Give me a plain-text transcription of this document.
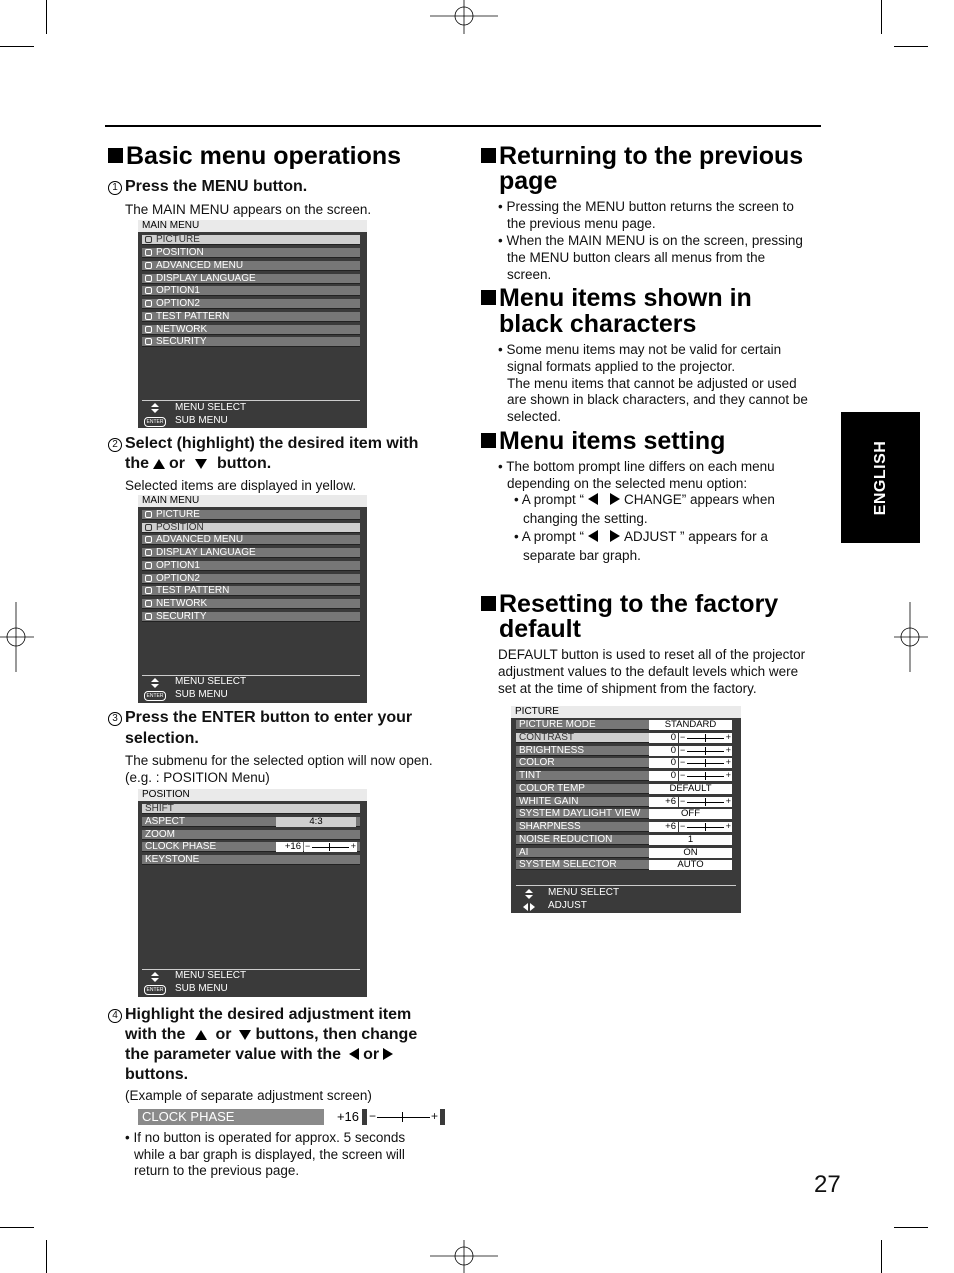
Basic menu operations
1 Press the MENU button.
The MAIN MENU appears on the screen.
MAIN MENU
PICTURE
POSITION
ADVANCED MENU
DISPLAY LANGUAGE
OPTION1
OPTION2
TEST PATTERN
NETWORK
SECURITY
MENU SELECT
ENTER SUB MENU
2 Select (highlight) the desired item with
the or button.
Selected items are displayed in yellow.
MAIN MENU
PICTURE
POSITION
ADVANCED MENU
DISPLAY LANGUAGE
OPTION1
OPTION2
TEST PATTERN
NETWORK
SECURITY
MENU SELECT
ENTER SUB MENU
3 Press the ENTER button to enter your
selection.
The submenu for the selected option will now open.
(e.g. : POSITION Menu)
POSITION
SHIFT
ASPECT	4:3
ZOOM
CLOCK PHASE	+16 −	+
KEYSTONE
MENU SELECT
ENTER SUB MENU
4 Highlight the desired adjustment item
with the or buttons, then change
the parameter value with the or
buttons.
(Example of separate adjustment screen)
CLOCK PHASE	+16 −	+
• If no button is operated for approx. 5 seconds
while a bar graph is displayed, the screen will
return to the previous page.
Returning to the previous
page
• Pressing the MENU button returns the screen to
the previous menu page.
• When the MAIN MENU is on the screen, pressing
the MENU button clears all menus from the
screen.
Menu items shown in
black characters
• Some menu items may not be valid for certain
signal formats applied to the projector.
The menu items that cannot be adjusted or used
are shown in black characters, and they cannot be
selected.
Menu items setting
• The bottom prompt line differs on each menu
depending on the selected menu option:
• A prompt “	CHANGE” appears when
changing the setting.
• A prompt “	ADJUST ” appears for a
separate bar graph.
Resetting to the factory
default
DEFAULT button is used to reset all of the projector
adjustment values to the default levels which were
set at the time of shipment from the factory.
PICTURE
MENU SELECT
ADJUST
PICTURE MODE	STANDARD
CONTRAST	0 −	+
BRIGHTNESS	0 −	+
COLOR	0 −	+
TINT	0 −	+
COLOR TEMP	DEFAULT
WHITE GAIN	+6 −	+
SYSTEM DAYLIGHT VIEW	OFF
SHARPNESS	+6 −	+
NOISE REDUCTION	1
AI	ON
SYSTEM SELECTOR	AUTO
ENGLISH
27
